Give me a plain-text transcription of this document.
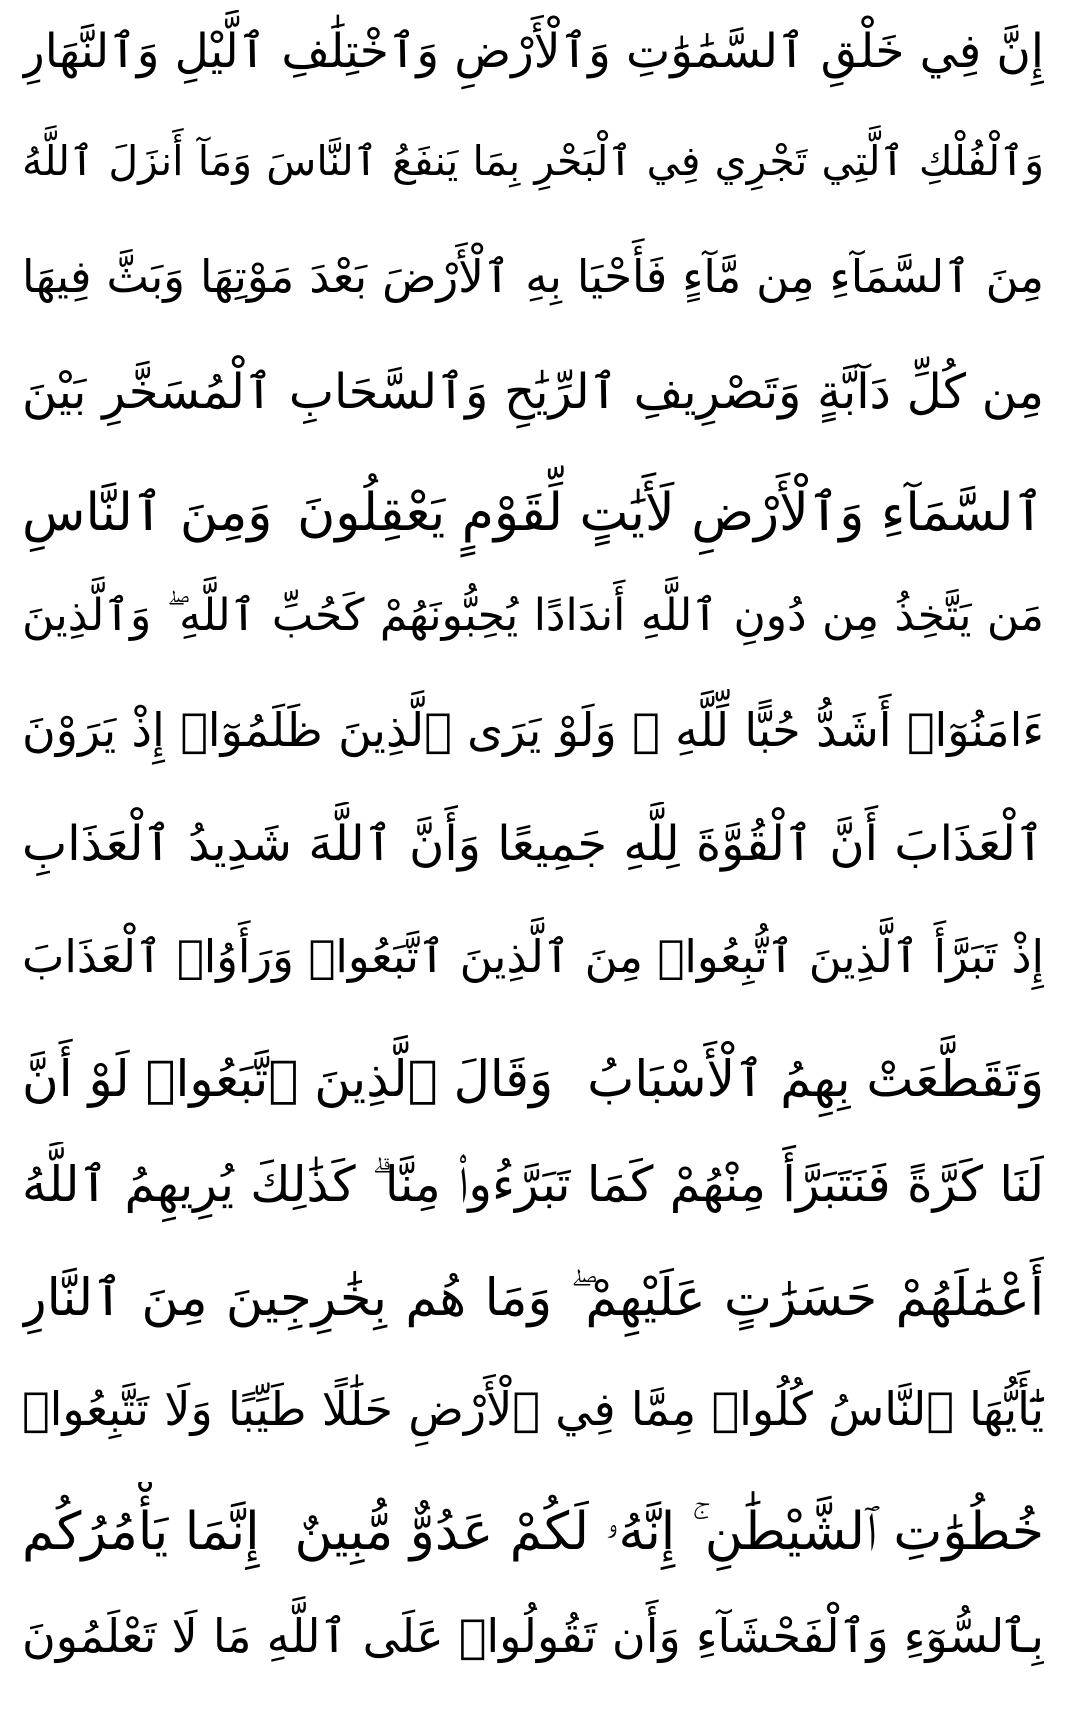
إِنَّ فِي خَلْقِ ٱلسَّمَٰوَٰتِ وَٱلْأَرْضِ وَٱخْتِلَٰفِ ٱلَّيْلِ وَٱلنَّهَارِ
وَٱلْفُلْكِ ٱلَّتِي تَجْرِي فِي ٱلْبَحْرِ بِمَا يَنفَعُ ٱلنَّاسَ وَمَآ أَنزَلَ ٱللَّهُ
مِنَ ٱلسَّمَآءِ مِن مَّآءٍ فَأَحْيَا بِهِ ٱلْأَرْضَ بَعْدَ مَوْتِهَا وَبَثَّ فِيهَا
مِن كُلِّ دَآبَّةٍ وَتَصْرِيفِ ٱلرِّيَٰحِ وَٱلسَّحَابِ ٱلْمُسَخَّرِ بَيْنَ
ٱلسَّمَآءِ وَٱلْأَرْضِ لَأَيَٰتٍ لِّقَوْمٍ يَعْقِلُونَ
وَمِنَ ٱلنَّاسِ
مَن يَتَّخِذُ مِن دُونِ ٱللَّهِ أَندَادًا يُحِبُّونَهُمْ كَحُبِّ ٱللَّهِ ۖ وَٱلَّذِينَ
ءَامَنُوٓا۟ أَشَدُّ حُبًّا لِّلَّهِ ۗ وَلَوْ يَرَى ٱلَّذِينَ ظَلَمُوٓا۟ إِذْ يَرَوْنَ
ٱلْعَذَابَ أَنَّ ٱلْقُوَّةَ لِلَّهِ جَمِيعًا وَأَنَّ ٱللَّهَ شَدِيدُ ٱلْعَذَابِ
إِذْ تَبَرَّأَ ٱلَّذِينَ ٱتُّبِعُوا۟ مِنَ ٱلَّذِينَ ٱتَّبَعُوا۟ وَرَأَوُا۟ ٱلْعَذَابَ
وَتَقَطَّعَتْ بِهِمُ ٱلْأَسْبَابُ
وَقَالَ ٱلَّذِينَ ٱتَّبَعُوا۟ لَوْ أَنَّ
لَنَا كَرَّةً فَنَتَبَرَّأَ مِنْهُمْ كَمَا تَبَرَّءُوا۟ مِنَّا ۗ كَذَٰلِكَ يُرِيهِمُ ٱللَّهُ
أَعْمَٰلَهُمْ حَسَرَٰتٍ عَلَيْهِمْ ۖ وَمَا هُم بِخَٰرِجِينَ مِنَ ٱلنَّارِ
يَٰٓأَيُّهَا ٱلنَّاسُ كُلُوا۟ مِمَّا فِي ٱلْأَرْضِ حَلَٰلًا طَيِّبًا وَلَا تَتَّبِعُوا۟
خُطُوَٰتِ ٱلشَّيْطَٰنِ ۚ إِنَّهُۥ لَكُمْ عَدُوٌّ مُّبِينٌ
إِنَّمَا يَأْمُرُكُم
بِٱلسُّوٓءِ وَٱلْفَحْشَآءِ وَأَن تَقُولُوا۟ عَلَى ٱللَّهِ مَا لَا تَعْلَمُونَ
